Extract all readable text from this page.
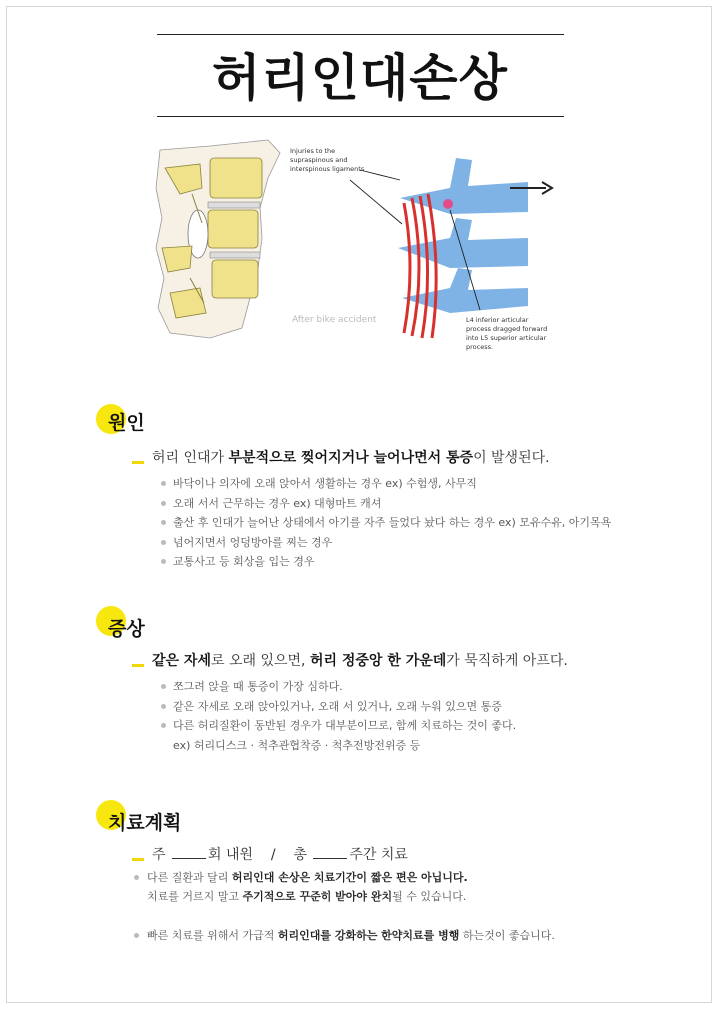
허리인대손상
After bike accident
Injuries to the
supraspinous and
interspinous ligaments
L4 inferior articular
process dragged forward
into L5 superior articular
process.
원인
허리 인대가 부분적으로 찢어지거나 늘어나면서 통증이 발생된다.
바닥이나 의자에 오래 앉아서 생활하는 경우 ex) 수험생, 사무직
오래 서서 근무하는 경우 ex) 대형마트 캐셔
출산 후 인대가 늘어난 상태에서 아기를 자주 들었다 놨다 하는 경우 ex) 모유수유, 아기목욕
넘어지면서 엉덩방아를 찌는 경우
교통사고 등 회상을 입는 경우
증상
같은 자세로 오래 있으면, 허리 정중앙 한 가운데가 묵직하게 아프다.
쪼그려 앉을 때 통증이 가장 심하다.
같은 자세로 오래 앉아있거나, 오래 서 있거나, 오래 누워 있으면 통증
다른 허리질환이 동반된 경우가 대부분이므로, 함께 치료하는 것이 좋다.
ex) 허리디스크 · 척추관협착증 · 척추전방전위증 등
치료계획
주	회 내원 / 총	주간 치료
다른 질환과 달리 허리인대 손상은 치료기간이 짧은 편은 아닙니다.
치료를 거르지 말고 주기적으로 꾸준히 받아야 완치될 수 있습니다.
빠른 치료를 위해서 가급적 허리인대를 강화하는 한약치료를 병행 하는것이 좋습니다.
